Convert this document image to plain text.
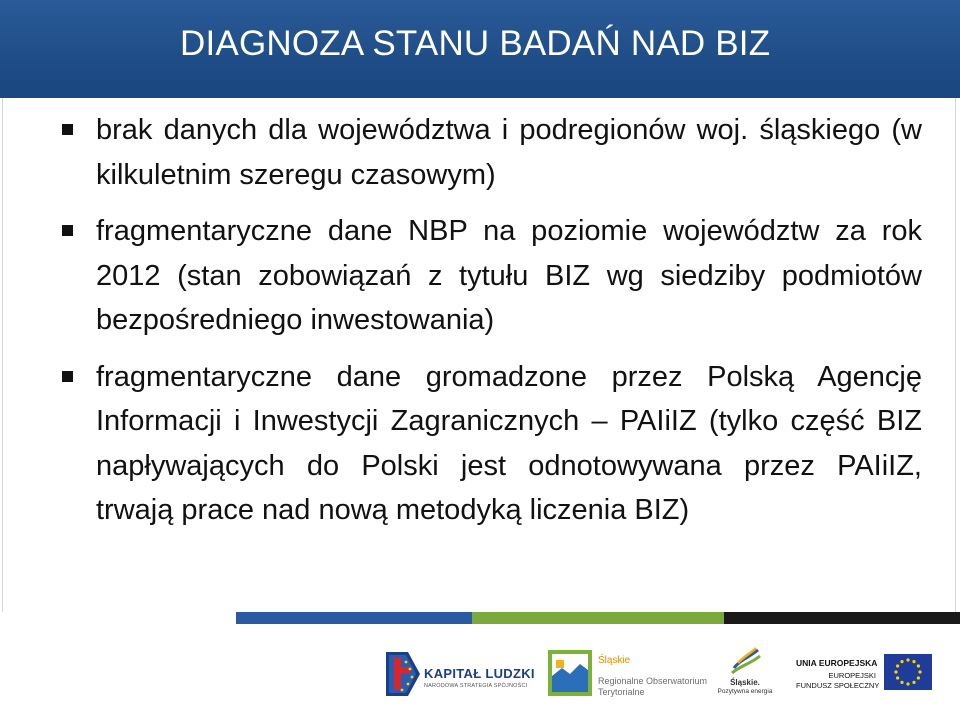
DIAGNOZA STANU BADAŃ NAD BIZ
brak danych dla województwa i podregionów woj. śląskiego (w kilkuletnim szeregu czasowym)
fragmentaryczne dane NBP na poziomie województw za rok 2012 (stan zobowiązań z tytułu BIZ wg siedziby podmiotów bezpośredniego inwestowania)
fragmentaryczne dane gromadzone przez Polską Agencję Informacji i Inwestycji Zagranicznych – PAIiIZ (tylko część BIZ napływających do Polski jest odnotowywana przez PAIiIZ, trwają prace nad nową metodyką liczenia BIZ)
KAPITAŁ LUDZKI
NARODOWA STRATEGIA SPÓJNOŚCI
Śląskie
Regionalne Obserwatorium
Terytorialne
Śląskie.
Pozytywna energia
UNIA EUROPEJSKA
EUROPEJSKI
FUNDUSZ SPOŁECZNY
